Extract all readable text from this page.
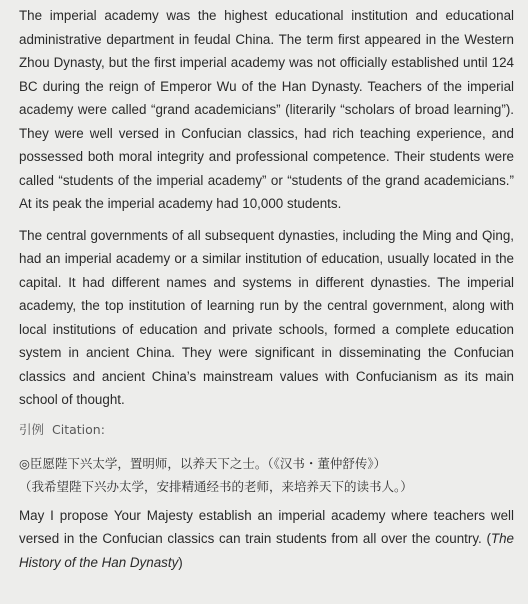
The imperial academy was the highest educational institution and educational administrative department in feudal China. The term first appeared in the Western Zhou Dynasty, but the first imperial academy was not officially established until 124 BC during the reign of Emperor Wu of the Han Dynasty. Teachers of the imperial academy were called “grand academicians” (literarily “scholars of broad learning”). They were well versed in Confucian classics, had rich teaching experience, and possessed both moral integrity and professional competence. Their students were called “students of the imperial academy” or “students of the grand academicians.” At its peak the imperial academy had 10,000 students.

The central governments of all subsequent dynasties, including the Ming and Qing, had an imperial academy or a similar institution of education, usually located in the capital. It had different names and systems in different dynasties. The imperial academy, the top institution of learning run by the central government, along with local institutions of education and private schools, formed a complete education system in ancient China. They were significant in disseminating the Confucian classics and ancient China’s mainstream values with Confucianism as its main school of thought.

引例 Citation:

◎臣愿陛下兴太学，置明师，以养天下之士。（《汉书・董仲舒传》）

（我希望陛下兴办太学，安排精通经书的老师，来培养天下的读书人。）

May I propose Your Majesty establish an imperial academy where teachers well versed in the Confucian classics can train students from all over the country. (The History of the Han Dynasty)
